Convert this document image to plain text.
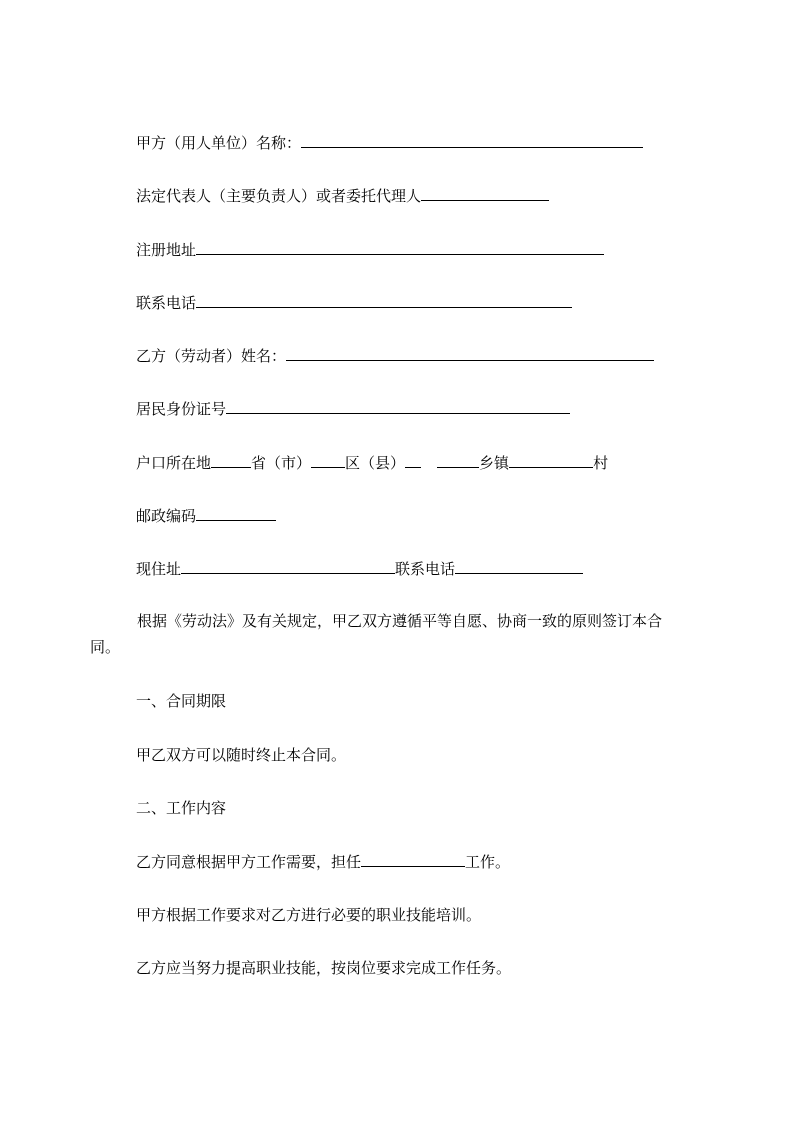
甲方（用人单位）名称：
法定代表人（主要负责人）或者委托代理人
注册地址
联系电话
乙方（劳动者）姓名：
居民身份证号
户口所在地	省（市） 区（县）	乡镇	村
邮政编码
现住址	联系电话
根据《劳动法》及有关规定，甲乙双方遵循平等自愿、协商一致的原则签订本合同。
一、合同期限
甲乙双方可以随时终止本合同。
二、工作内容
乙方同意根据甲方工作需要，担任	工作。
甲方根据工作要求对乙方进行必要的职业技能培训。
乙方应当努力提高职业技能，按岗位要求完成工作任务。
